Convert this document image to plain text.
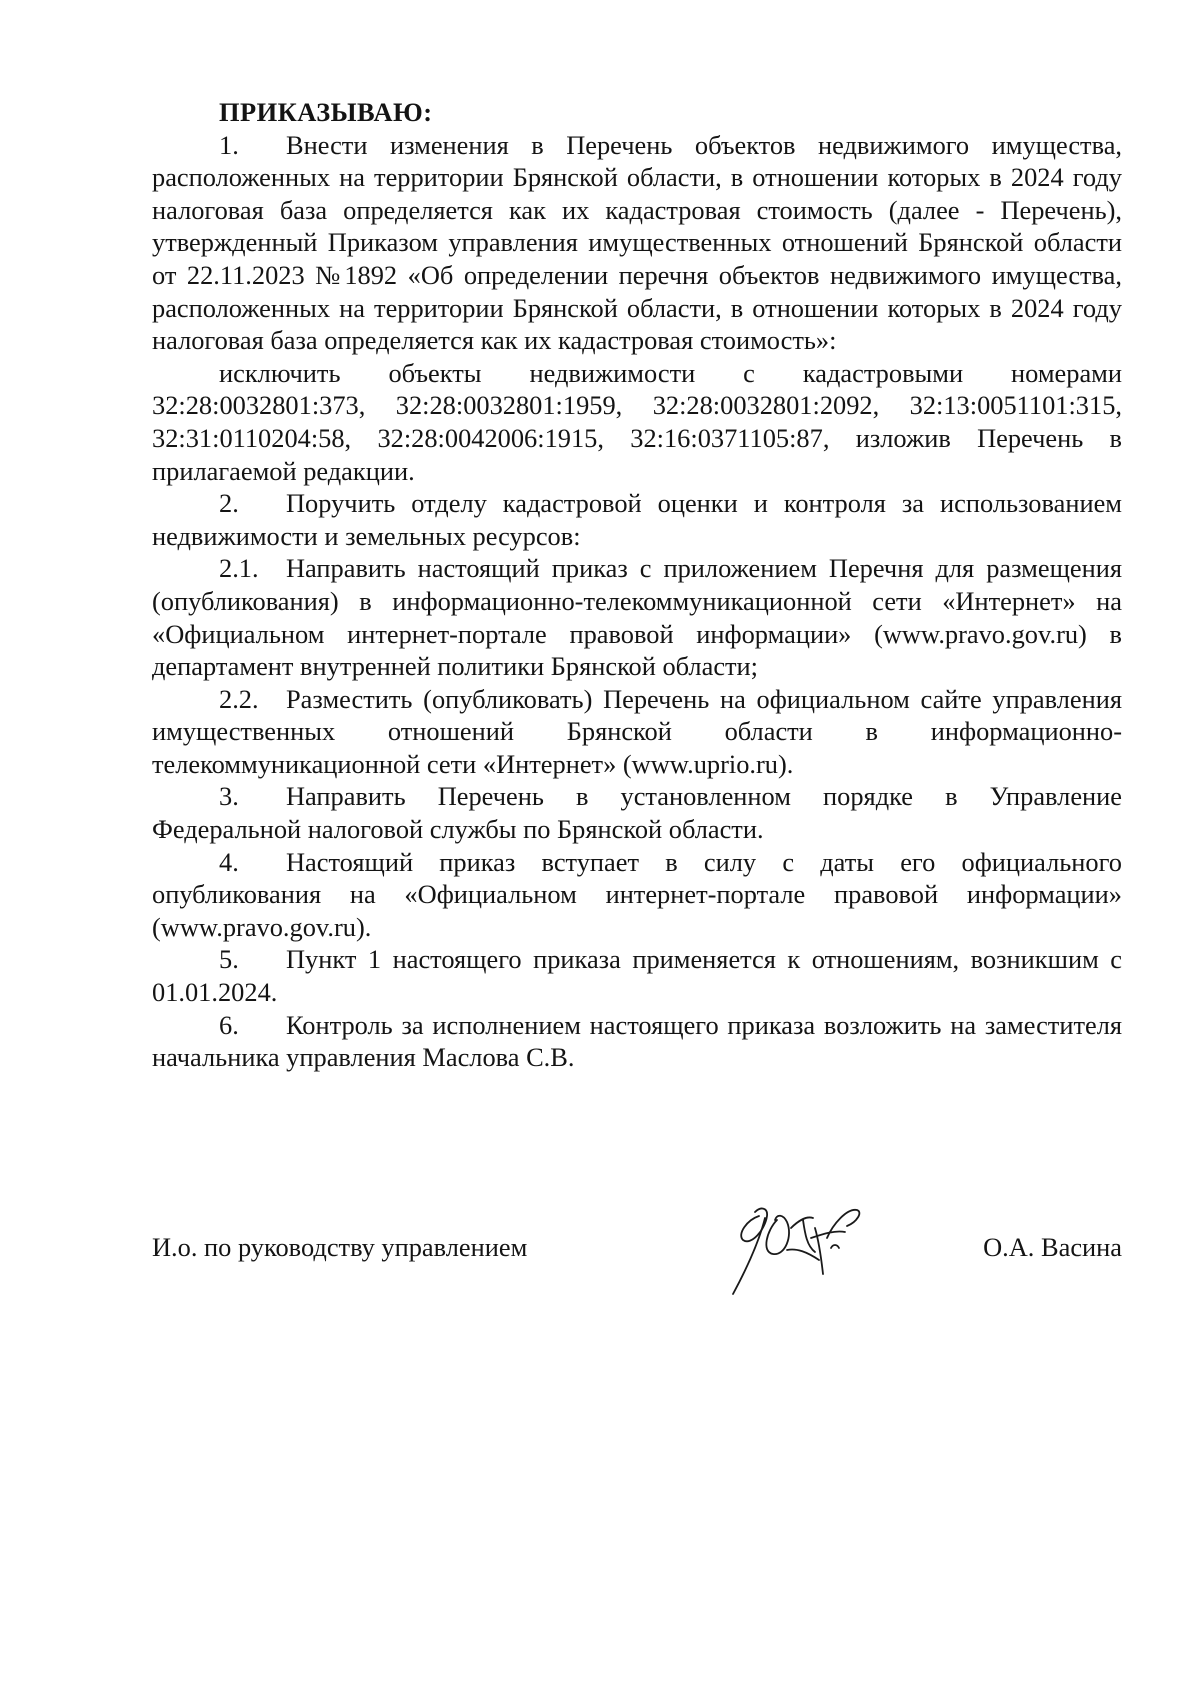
ПРИКАЗЫВАЮ:

1. Внести изменения в Перечень объектов недвижимого имущества, расположенных на территории Брянской области, в отношении которых в 2024 году налоговая база определяется как их кадастровая стоимость (далее - Перечень), утвержденный Приказом управления имущественных отношений Брянской области от 22.11.2023 №1892 «Об определении перечня объектов недвижимого имущества, расположенных на территории Брянской области, в отношении которых в 2024 году налоговая база определяется как их кадастровая стоимость»:

исключить объекты недвижимости с кадастровыми номерами 32:28:0032801:373, 32:28:0032801:1959, 32:28:0032801:2092, 32:13:0051101:315, 32:31:0110204:58, 32:28:0042006:1915, 32:16:0371105:87, изложив Перечень в прилагаемой редакции.

2. Поручить отделу кадастровой оценки и контроля за использованием недвижимости и земельных ресурсов:

2.1. Направить настоящий приказ с приложением Перечня для размещения (опубликования) в информационно-телекоммуникационной сети «Интернет» на «Официальном интернет-портале правовой информации» (www.pravo.gov.ru) в департамент внутренней политики Брянской области;

2.2. Разместить (опубликовать) Перечень на официальном сайте управления имущественных отношений Брянской области в информационно-телекоммуникационной сети «Интернет» (www.uprio.ru).

3. Направить Перечень в установленном порядке в Управление Федеральной налоговой службы по Брянской области.

4. Настоящий приказ вступает в силу с даты его официального опубликования на «Официальном интернет-портале правовой информации» (www.pravo.gov.ru).

5. Пункт 1 настоящего приказа применяется к отношениям, возникшим с 01.01.2024.

6. Контроль за исполнением настоящего приказа возложить на заместителя начальника управления Маслова С.В.

И.о. по руководству управлением	О.А. Васина
